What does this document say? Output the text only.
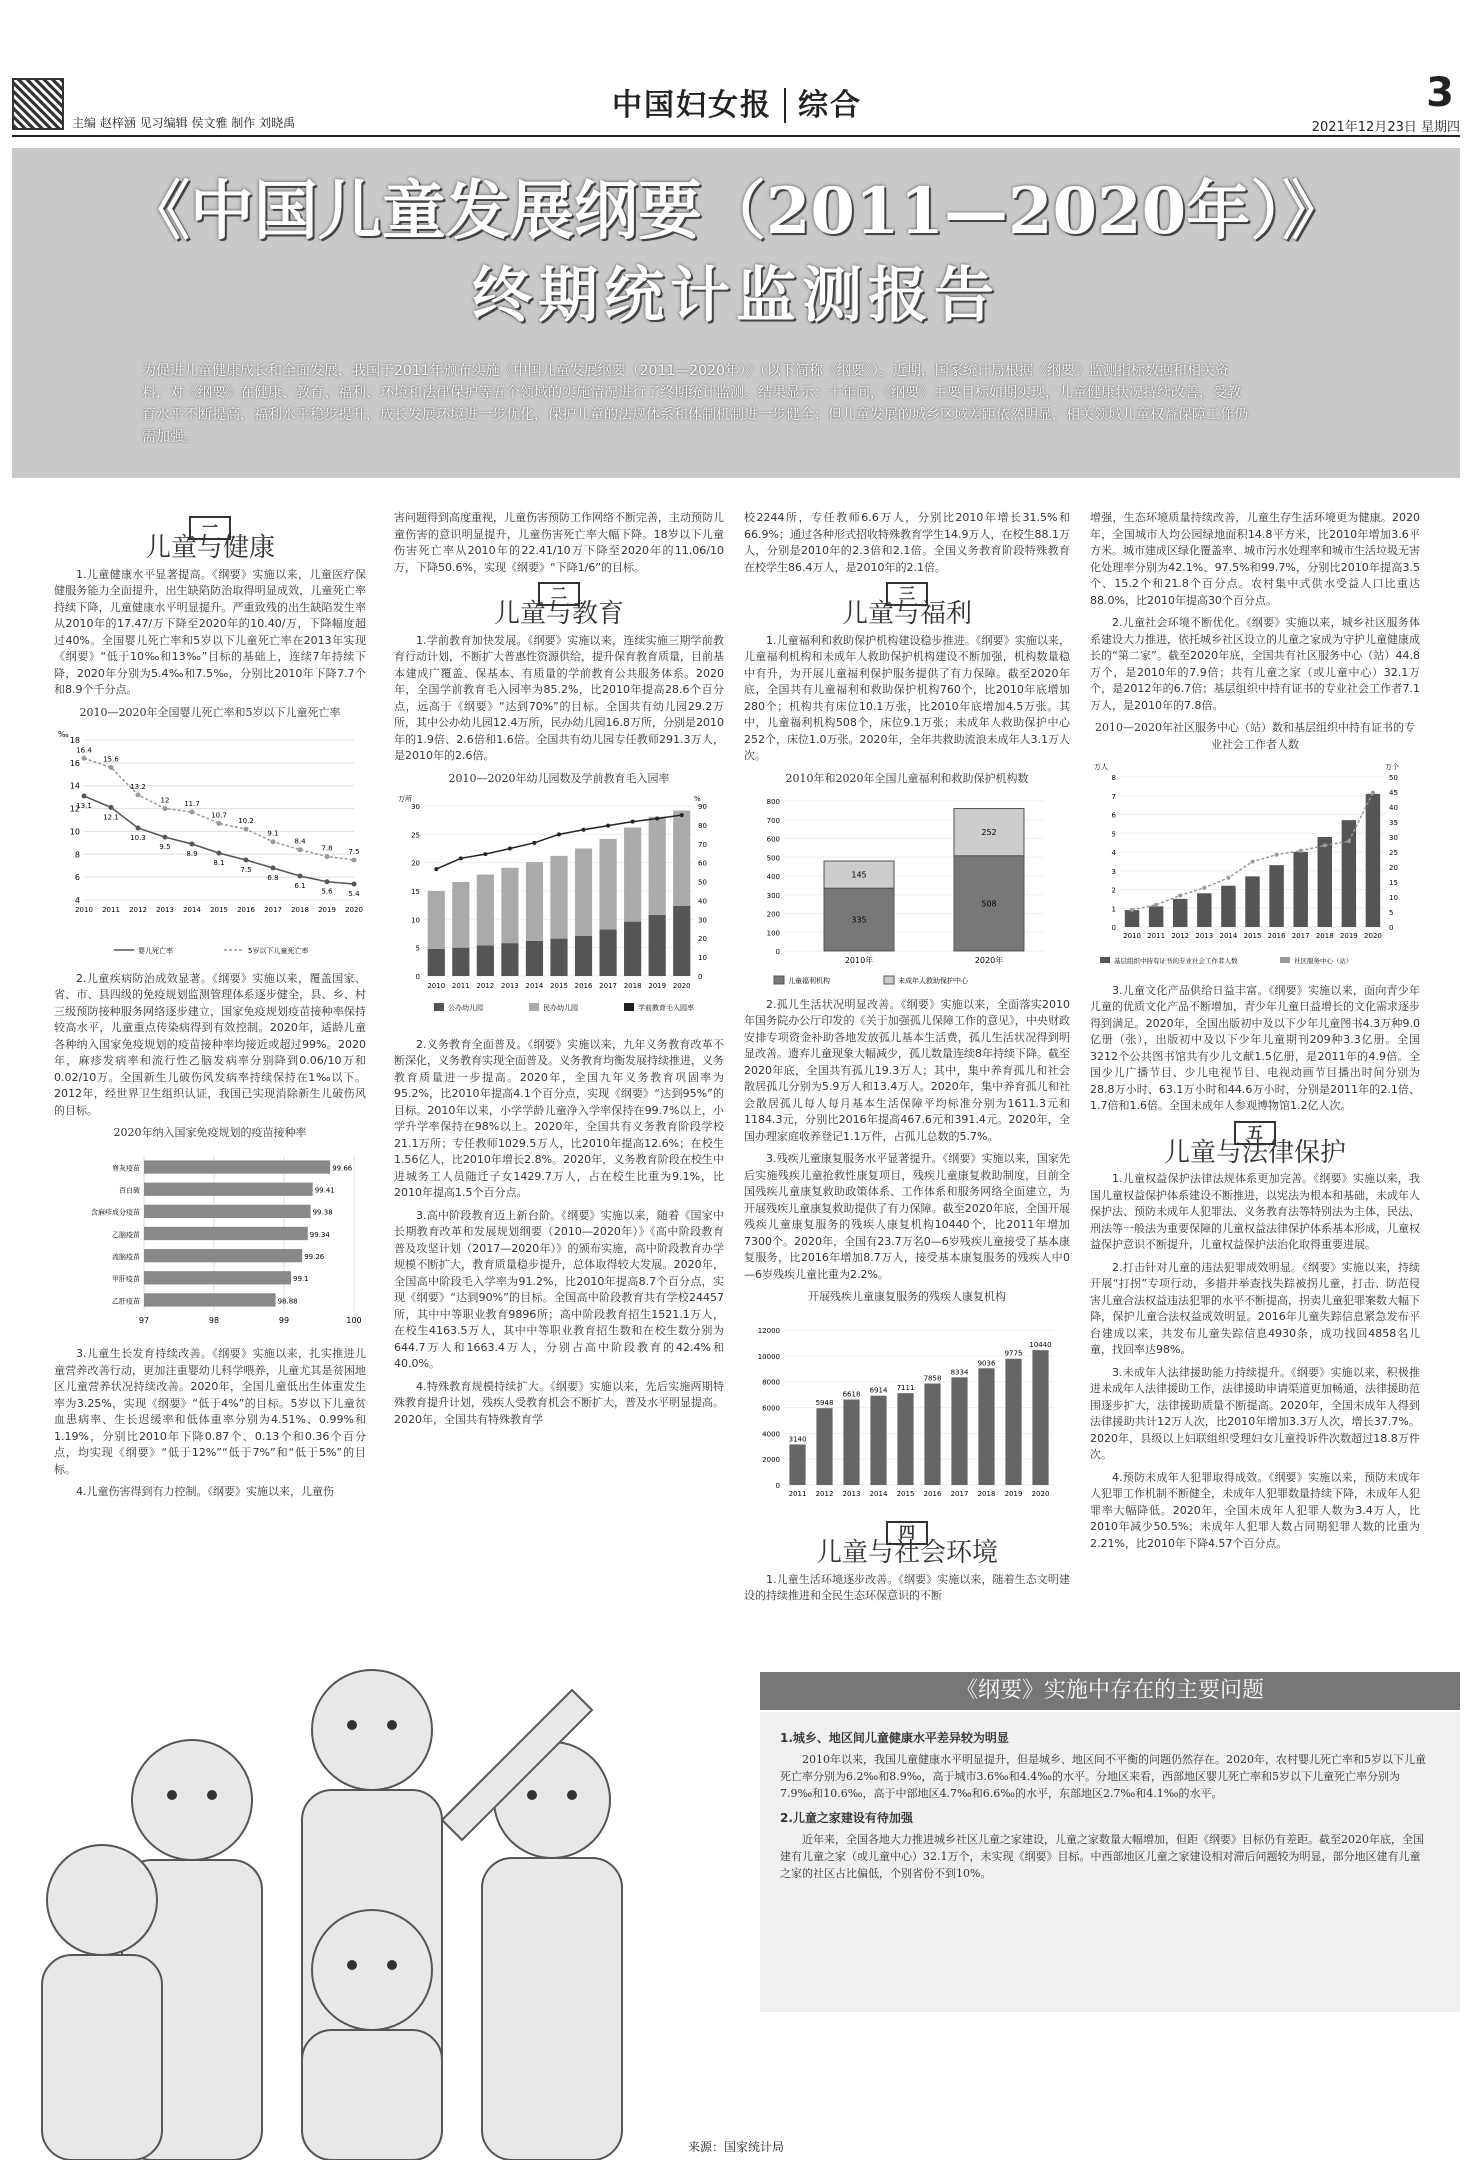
主编 赵梓涵 见习编辑 侯文雅 制作 刘晓禹	中国妇女报 综合	3
2021年12月23日 星期四
《中国儿童发展纲要（2011—2020年）》
终期统计监测报告
为促进儿童健康成长和全面发展，我国于2011年颁布实施《中国儿童发展纲要（2011—2020年）》（以下简称《纲要》）。近期，国家统计局根据《纲要》监测指标数据和相关资料，对《纲要》在健康、教育、福利、环境和法律保护等五个领域的实施情况进行了终期统计监测。结果显示：十年间，《纲要》主要目标如期实现，儿童健康状况持续改善，受教育水平不断提高，福利水平稳步提升，成长发展环境进一步优化，保护儿童的法规体系和体制机制进一步健全；但儿童发展的城乡区域差距依然明显，相关领域儿童权益保障工作仍需加强。
一
儿童与健康

1.儿童健康水平显著提高。《纲要》实施以来，儿童医疗保健服务能力全面提升，出生缺陷防治取得明显成效，儿童死亡率持续下降，儿童健康水平明显提升。严重致残的出生缺陷发生率从2010年的17.47/万下降至2020年的10.40/万，下降幅度超过40%。全国婴儿死亡率和5岁以下儿童死亡率在2013年实现《纲要》“低于10‰和13‰”目标的基础上，连续7年持续下降，2020年分别为5.4‰和7.5‰，分别比2010年下降7.7个和8.9个千分点。

2010—2020年全国婴儿死亡率和5岁以下儿童死亡率
‰
4
6
8
10
12
14
16
18
2010 2011 2012 2013 2014 2015 2016 2017 2018 2019 2020
13.1
12.1
10.3
9.5
8.9
8.1
7.5
6.8
6.1
5.6 5.4
婴儿死亡率
16.4
15.6
13.2
12 11.7
10.7
10.2
9.1
8.4
7.8 7.5
5岁以下儿童死亡率

2.儿童疾病防治成效显著。《纲要》实施以来，覆盖国家、省、市、县四级的免疫规划监测管理体系逐步健全，县、乡、村三级预防接种服务网络逐步建立，国家免疫规划疫苗接种率保持较高水平，儿童重点传染病得到有效控制。2020年，适龄儿童各种纳入国家免疫规划的疫苗接种率均接近或超过99%。2020年，麻疹发病率和流行性乙脑发病率分别降到0.06/10万和0.02/10万。全国新生儿破伤风发病率持续保持在1‰以下。2012年，经世界卫生组织认证，我国已实现消除新生儿破伤风的目标。

2020年纳入国家免疫规划的疫苗接种率
97	98	99	100
脊灰疫苗	99.66
百白破	99.41
含麻疹成分疫苗	99.38
乙脑疫苗	99.34
流脑疫苗	99.26
甲肝疫苗	99.1
乙肝疫苗	98.88

3.儿童生长发育持续改善。《纲要》实施以来，扎实推进儿童营养改善行动，更加注重婴幼儿科学喂养，儿童尤其是贫困地区儿童营养状况持续改善。2020年，全国儿童低出生体重发生率为3.25%，实现《纲要》“低于4%”的目标。5岁以下儿童贫血患病率、生长迟缓率和低体重率分别为4.51%、0.99%和1.19%，分别比2010年下降0.87个、0.13个和0.36个百分点，均实现《纲要》“低于12%”“低于7%”和“低于5%”的目标。

4.儿童伤害得到有力控制。《纲要》实施以来，儿童伤

害问题得到高度重视，儿童伤害预防工作网络不断完善，主动预防儿童伤害的意识明显提升，儿童伤害死亡率大幅下降。18岁以下儿童伤害死亡率从2010年的22.41/10万下降至2020年的11.06/10万，下降50.6%，实现《纲要》“下降1/6”的目标。

二
儿童与教育

1.学前教育加快发展。《纲要》实施以来，连续实施三期学前教育行动计划，不断扩大普惠性资源供给，提升保育教育质量，目前基本建成广覆盖、保基本、有质量的学前教育公共服务体系。2020年，全国学前教育毛入园率为85.2%，比2010年提高28.6个百分点，远高于《纲要》“达到70%”的目标。全国共有幼儿园29.2万所，其中公办幼儿园12.4万所，民办幼儿园16.8万所，分别是2010年的1.9倍、2.6倍和1.6倍。全国共有幼儿园专任教师291.3万人，是2010年的2.6倍。

2010—2020年幼儿园数及学前教育毛入园率
0
5
10
15
20
25
30
0
10
20
30
40
50
60
70
80
90
万所	%
2010 2011 2012 2013 2014 2015 2016 2017 2018 2019 2020
公办幼儿园	民办幼儿园	学前教育毛入园率

2.义务教育全面普及。《纲要》实施以来，九年义务教育改革不断深化，义务教育实现全面普及。义务教育均衡发展持续推进，义务教育质量进一步提高。2020年，全国九年义务教育巩固率为95.2%，比2010年提高4.1个百分点，实现《纲要》“达到95%”的目标。2010年以来，小学学龄儿童净入学率保持在99.7%以上，小学升学率保持在98%以上。2020年，全国共有义务教育阶段学校21.1万所；专任教师1029.5万人，比2010年提高12.6%；在校生1.56亿人，比2010年增长2.8%。2020年，义务教育阶段在校生中进城务工人员随迁子女1429.7万人，占在校生比重为9.1%，比2010年提高1.5个百分点。

3.高中阶段教育迈上新台阶。《纲要》实施以来，随着《国家中长期教育改革和发展规划纲要（2010—2020年）》《高中阶段教育普及攻坚计划（2017—2020年）》的颁布实施，高中阶段教育办学规模不断扩大，教育质量稳步提升，总体取得较大发展。2020年，全国高中阶段毛入学率为91.2%，比2010年提高8.7个百分点，实现《纲要》“达到90%”的目标。全国高中阶段教育共有学校24457所，其中中等职业教育9896所；高中阶段教育招生1521.1万人，在校生4163.5万人，其中中等职业教育招生数和在校生数分别为644.7万人和1663.4万人，分别占高中阶段教育的42.4%和40.0%。

4.特殊教育规模持续扩大。《纲要》实施以来，先后实施两期特殊教育提升计划，残疾人受教育机会不断扩大，普及水平明显提高。2020年，全国共有特殊教育学

校2244所，专任教师6.6万人，分别比2010年增长31.5%和66.9%；通过各种形式招收特殊教育学生14.9万人，在校生88.1万人，分别是2010年的2.3倍和2.1倍。全国义务教育阶段特殊教育在校学生86.4万人，是2010年的2.1倍。

三
儿童与福利

1.儿童福利和救助保护机构建设稳步推进。《纲要》实施以来，儿童福利机构和未成年人救助保护机构建设不断加强，机构数量稳中有升，为开展儿童福利保护服务提供了有力保障。截至2020年底，全国共有儿童福利和救助保护机构760个，比2010年底增加280个；机构共有床位10.1万张，比2010年底增加4.5万张。其中，儿童福利机构508个，床位9.1万张；未成年人救助保护中心252个，床位1.0万张。2020年，全年共救助流浪未成年人3.1万人次。

2010年和2020年全国儿童福利和救助保护机构数
0
100
200
300
400
500
600
700
800
335
145
2010年
508
252
2020年
儿童福利机构	未成年人救助保护中心

2.孤儿生活状况明显改善。《纲要》实施以来，全面落实2010年国务院办公厅印发的《关于加强孤儿保障工作的意见》，中央财政安排专项资金补助各地发放孤儿基本生活费，孤儿生活状况得到明显改善。遗弃儿童现象大幅减少，孤儿数量连续8年持续下降。截至2020年底，全国共有孤儿19.3万人；其中，集中养育孤儿和社会散居孤儿分别为5.9万人和13.4万人。2020年，集中养育孤儿和社会散居孤儿每人每月基本生活保障平均标准分别为1611.3元和1184.3元，分别比2016年提高467.6元和391.4元。2020年，全国办理家庭收养登记1.1万件，占孤儿总数的5.7%。

3.残疾儿童康复服务水平显著提升。《纲要》实施以来，国家先后实施残疾儿童抢救性康复项目，残疾儿童康复救助制度，目前全国残疾儿童康复救助政策体系、工作体系和服务网络全面建立，为开展残疾儿童康复救助提供了有力保障。截至2020年底，全国开展残疾儿童康复服务的残疾人康复机构10440个，比2011年增加7300个。2020年，全国有23.7万名0—6岁残疾儿童接受了基本康复服务，比2016年增加8.7万人，接受基本康复服务的残疾人中0—6岁残疾儿童比重为2.2%。

开展残疾儿童康复服务的残疾人康复机构
0
2000
4000
6000
8000
10000
12000
3140
2011
5948
2012
6618
2013
6914
2014
7111
2015
7858
2016
8334
2017
9036
2018
9775
2019
10440
2020
四
儿童与社会环境

1.儿童生活环境逐步改善。《纲要》实施以来，随着生态文明建设的持续推进和全民生态环保意识的不断

增强，生态环境质量持续改善，儿童生存生活环境更为健康。2020年，全国城市人均公园绿地面积14.8平方米，比2010年增加3.6平方米。城市建成区绿化覆盖率、城市污水处理率和城市生活垃圾无害化处理率分别为42.1%、97.5%和99.7%，分别比2010年提高3.5个、15.2个和21.8个百分点。农村集中式供水受益人口比重达88.0%，比2010年提高30个百分点。

2.儿童社会环境不断优化。《纲要》实施以来，城乡社区服务体系建设大力推进，依托城乡社区设立的儿童之家成为守护儿童健康成长的“第二家”。截至2020年底，全国共有社区服务中心（站）44.8万个，是2010年的7.9倍；共有儿童之家（或儿童中心）32.1万个，是2012年的6.7倍；基层组织中持有证书的专业社会工作者7.1万人，是2010年的7.8倍。

2010—2020年社区服务中心（站）数和基层组织中持有证书的专业社会工作者人数
0
1
2
3
4
5
6
7
8
0
5
10
15
20
25
30
35
40
45
50
万人	万个
2010 2011 2012 2013 2014 2015 2016 2017 2018 2019 2020
基层组织中持有证书的专业社会工作者人数	社区服务中心（站）

3.儿童文化产品供给日益丰富。《纲要》实施以来，面向青少年儿童的优质文化产品不断增加，青少年儿童日益增长的文化需求逐步得到满足。2020年，全国出版初中及以下少年儿童图书4.3万种9.0亿册（张），出版初中及以下少年儿童期刊209种3.3亿册。全国3212个公共图书馆共有少儿文献1.5亿册，是2011年的4.9倍。全国少儿广播节目、少儿电视节目、电视动画节目播出时间分别为28.8万小时、63.1万小时和44.6万小时，分别是2011年的2.1倍、1.7倍和1.6倍。全国未成年人参观博物馆1.2亿人次。

五
儿童与法律保护

1.儿童权益保护法律法规体系更加完善。《纲要》实施以来，我国儿童权益保护体系建设不断推进，以宪法为根本和基础，未成年人保护法、预防未成年人犯罪法、义务教育法等特别法为主体，民法、刑法等一般法为重要保障的儿童权益法律保护体系基本形成，儿童权益保护意识不断提升，儿童权益保护法治化取得重要进展。

2.打击针对儿童的违法犯罪成效明显。《纲要》实施以来，持续开展“打拐”专项行动，多措并举查找失踪被拐儿童，打击、防范侵害儿童合法权益违法犯罪的水平不断提高，拐卖儿童犯罪案数大幅下降，保护儿童合法权益成效明显。2016年儿童失踪信息紧急发布平台建成以来，共发布儿童失踪信息4930条，成功找回4858名儿童，找回率达98%。

3.未成年人法律援助能力持续提升。《纲要》实施以来，积极推进未成年人法律援助工作，法律援助申请渠道更加畅通，法律援助范围逐步扩大，法律援助质量不断提高。2020年，全国未成年人得到法律援助共计12万人次，比2010年增加3.3万人次，增长37.7%。2020年，县级以上妇联组织受理妇女儿童投诉件次数超过18.8万件次。

4.预防未成年人犯罪取得成效。《纲要》实施以来，预防未成年人犯罪工作机制不断健全，未成年人犯罪数量持续下降，未成年人犯罪率大幅降低。2020年，全国未成年人犯罪人数为3.4万人，比2010年减少50.5%；未成年人犯罪人数占同期犯罪人数的比重为2.21%，比2010年下降4.57个百分点。

《纲要》实施中存在的主要问题
1.城乡、地区间儿童健康水平差异较为明显

2010年以来，我国儿童健康水平明显提升，但是城乡、地区间不平衡的问题仍然存在。2020年，农村婴儿死亡率和5岁以下儿童死亡率分别为6.2‰和8.9‰，高于城市3.6‰和4.4‰的水平。分地区来看，西部地区婴儿死亡率和5岁以下儿童死亡率分别为7.9‰和10.6‰，高于中部地区4.7‰和6.6‰的水平，东部地区2.7‰和4.1‰的水平。

2.儿童之家建设有待加强

近年来，全国各地大力推进城乡社区儿童之家建设，儿童之家数量大幅增加，但距《纲要》目标仍有差距。截至2020年底，全国建有儿童之家（或儿童中心）32.1万个，未实现《纲要》目标。中西部地区儿童之家建设相对滞后问题较为明显，部分地区建有儿童之家的社区占比偏低，个别省份不到10%。

来源：国家统计局
